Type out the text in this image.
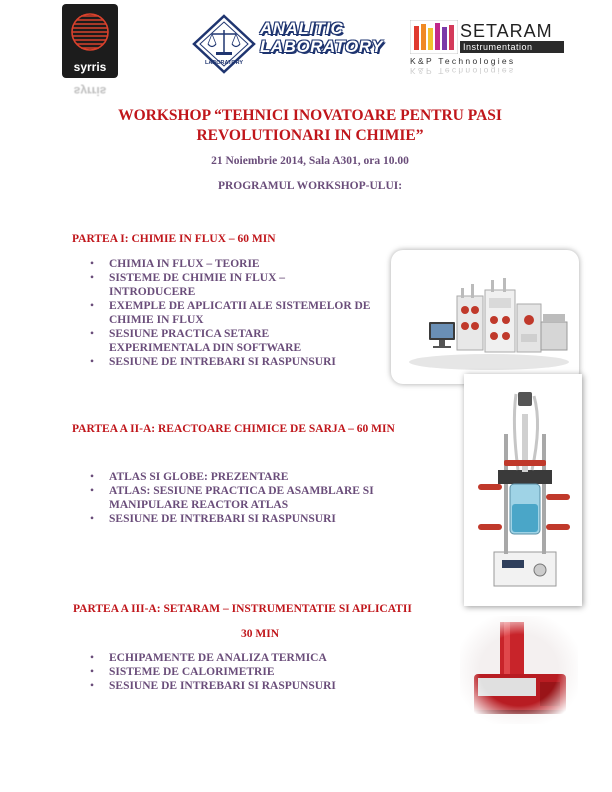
syrris
syrris
LABORATORY
ANALITIC
LABORATORY
SETARAM
Instrumentation
K&P Technologies
K&P Technologies
WORKSHOP “TEHNICI INOVATOARE PENTRU PASI
REVOLUTIONARI IN CHIMIE”
21 Noiembrie 2014, Sala A301, ora 10.00
PROGRAMUL WORKSHOP-ULUI:
PARTEA I: CHIMIE IN FLUX – 60 MIN
• CHIMIA IN FLUX – TEORIE
• SISTEME DE CHIMIE IN FLUX – INTRODUCERE
• EXEMPLE DE APLICATII ALE SISTEMELOR DE CHIMIE IN FLUX
• SESIUNE PRACTICA SETARE EXPERIMENTALA DIN SOFTWARE
• SESIUNE DE INTREBARI SI RASPUNSURI
PARTEA A II-A: REACTOARE CHIMICE DE SARJA – 60 MIN
• ATLAS SI GLOBE: PREZENTARE
• ATLAS: SESIUNE PRACTICA DE ASAMBLARE SI MANIPULARE REACTOR ATLAS
• SESIUNE DE INTREBARI SI RASPUNSURI
PARTEA A III-A: SETARAM – INSTRUMENTATIE SI APLICATII
30 MIN
• ECHIPAMENTE DE ANALIZA TERMICA
• SISTEME DE CALORIMETRIE
• SESIUNE DE INTREBARI SI RASPUNSURI
